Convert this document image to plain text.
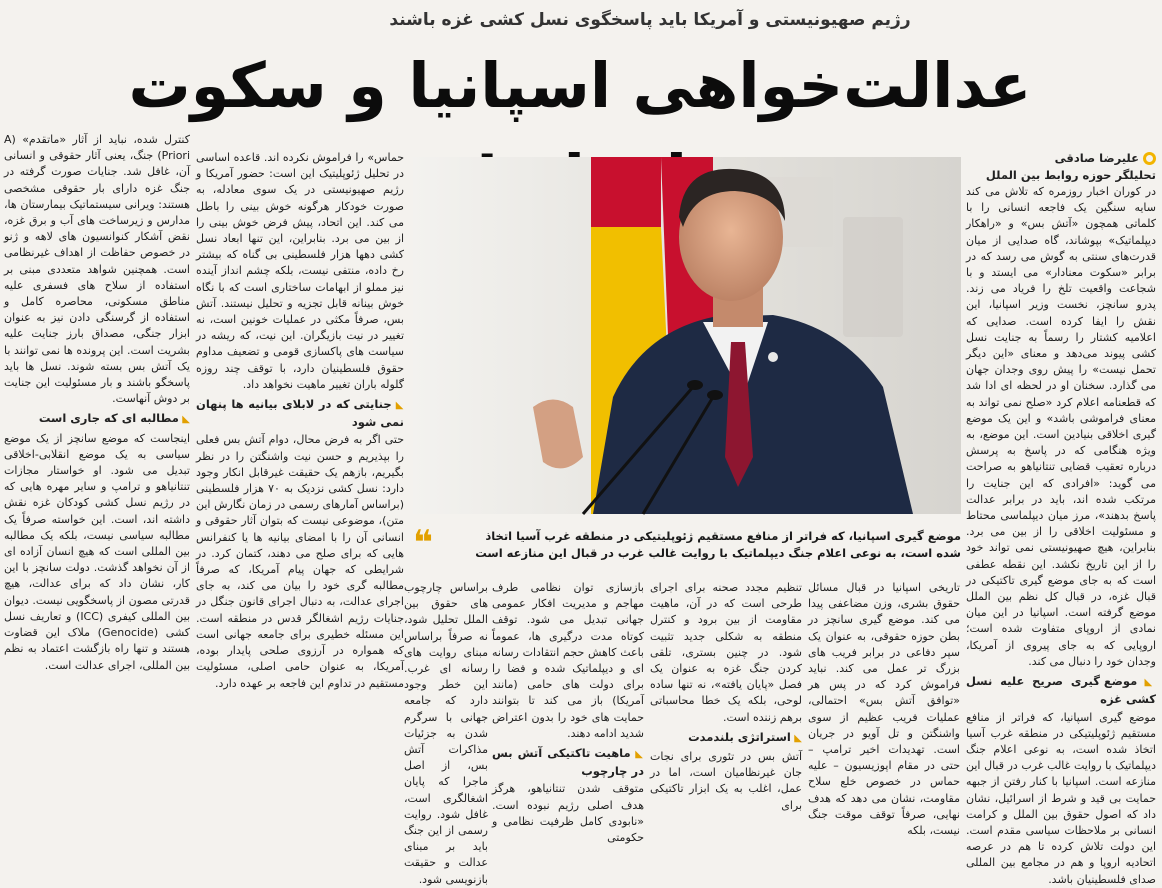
رژیم صهیونیستی و آمریکا باید پاسخگوی نسل کشی غزه باشند
عدالت‌خواهی اسپانیا و سکوت
علیرضا صادقی
تحلیلگر حوزه روابط بین الملل

در کوران اخبار روزمره که تلاش می کند سایه سنگین یک فاجعه انسانی را با کلماتی همچون «آتش بس» و «راهکار دیپلماتیک» بپوشاند، گاه صدایی از میان قدرت‌های سنتی به گوش می رسد که در برابر «سکوت معنادار» می ایستد و با شجاعت واقعیت تلخ را فریاد می زند. پدرو سانچز، نخست وزیر اسپانیا، این نقش را ایفا کرده است. صدایی که اعلامیه کشتار را رسماً به جنایت نسل کشی پیوند می‌دهد و معنای «این دیگر تحمل نیست» را پیش روی وجدان جهان می گذارد. سخنان او در لحظه ای ادا شد که قطعنامه اعلام کرد «صلح نمی تواند به معنای فراموشی باشد» و این یک موضع گیری اخلاقی بنیادین است. این موضع، به ویژه هنگامی که در پاسخ به پرسش درباره تعقیب قضایی تنتانیاهو به صراحت می گوید: «افرادی که این جنایت را مرتکب شده اند، باید در برابر عدالت پاسخ بدهند»، مرز میان دیپلماسی محتاط و مسئولیت اخلاقی را از بین می برد. بنابراین، هیچ صهیونیستی نمی تواند خود را از این تاریخ نکشد. این نقطه عطفی است که به جای موضع گیری تاکتیکی در قبال غزه، در قبال کل نظم بین الملل موضع گرفته است. اسپانیا در این میان نمادی از اروپای متفاوت شده است؛ اروپایی که به جای پیروی از آمریکا، وجدان خود را دنبال می کند.

◣ موضع گیری صریح علیه نسل کشی غزه

موضع گیری اسپانیا، که فراتر از منافع مستقیم ژئوپلیتیکی در منطقه غرب آسیا اتخاذ شده است، به نوعی اعلام جنگ دیپلماتیک با روایت غالب غرب در قبال این منازعه است. اسپانیا با کنار رفتن از جبهه حمایت بی قید و شرط از اسرائیل، نشان داد که اصول حقوق بین الملل و کرامت انسانی بر ملاحظات سیاسی مقدم است. این دولت تلاش کرده تا هم در عرصه اتحادیه اروپا و هم در مجامع بین المللی صدای فلسطینیان باشد.

حماس» را فراموش نکرده اند. قاعده اساسی در تحلیل ژئوپلیتیک این است: حضور آمریکا و رژیم صهیونیستی در یک سوی معادله، به صورت خودکار هرگونه خوش بینی را باطل می کند. این اتحاد، پیش فرض خوش بینی را از بین می برد. بنابراین، این تنها ابعاد نسل کشی دهها هزار فلسطینی بی گناه که بیشتر رخ داده، منتفی نیست، بلکه چشم انداز آینده نیز مملو از ابهامات ساختاری است که با نگاه خوش بینانه قابل تجزیه و تحلیل نیستند. آتش بس، صرفاً مکثی در عملیات خونین است، نه تغییر در نیت بازیگران. این نیت، که ریشه در سیاست های پاکسازی قومی و تضعیف مداوم حقوق فلسطینیان دارد، با توقف چند روزه گلوله باران تغییر ماهیت نخواهد داد.

◣ جنایتی که در لابلای بیانیه ها پنهان نمی شود

حتی اگر به فرض محال، دوام آتش بس فعلی را بپذیریم و حسن نیت واشنگتن را در نظر بگیریم، بازهم یک حقیقت غیرقابل انکار وجود دارد: نسل کشی نزدیک به ۷۰ هزار فلسطینی (براساس آمارهای رسمی در زمان نگارش این متن)، موضوعی نیست که بتوان آثار حقوقی و انسانی آن را با امضای بیانیه ها یا کنفرانس هایی که برای صلح می دهند، کتمان کرد. در شرایطی که جهان پیام آمریکا، که صرفاً مطالبه گری خود را بیان می کند، به جای اجرای عدالت، به دنبال اجرای قانون جنگل در جنایات رژیم اشغالگر قدس در منطقه است. این مسئله خطیری برای جامعه جهانی است که همواره در آرزوی صلحی پایدار بوده، آمریکا، به عنوان حامی اصلی، مسئولیت مستقیم در تداوم این فاجعه بر عهده دارد.

کنترل شده، نباید از آثار «ماتقدم» (A Priori) جنگ، یعنی آثار حقوقی و انسانی آن، غافل شد. جنایات صورت گرفته در جنگ غزه دارای بار حقوقی مشخصی هستند: ویرانی سیستماتیک بیمارستان ها، مدارس و زیرساخت های آب و برق غزه، نقض آشکار کنوانسیون های لاهه و ژنو در خصوص حفاظت از اهداف غیرنظامی است. همچنین شواهد متعددی مبنی بر استفاده از سلاح های فسفری علیه مناطق مسکونی، محاصره کامل و استفاده از گرسنگی دادن نیز به عنوان ابزار جنگی، مصداق بارز جنایت علیه بشریت است. این پرونده ها نمی توانند با یک آتش بس بسته شوند. نسل ها باید پاسخگو باشند و بار مسئولیت این جنایت بر دوش آنهاست.

◣ مطالبه ای که جاری است

اینجاست که موضع سانچز از یک موضع سیاسی به یک موضع انقلابی-اخلاقی تبدیل می شود. او خواستار مجازات تنتانیاهو و ترامپ و سایر مهره هایی که در رژیم نسل کشی کودکان غزه نقش داشته اند، است. این خواسته صرفاً یک مطالبه سیاسی نیست، بلکه یک مطالبه بین المللی است که هیچ انسان آزاده ای از آن نخواهد گذشت. دولت سانچز با این کار، نشان داد که برای عدالت، هیچ قدرتی مصون از پاسخگویی نیست. دیوان بین المللی کیفری (ICC) و تعاریف نسل کشی (Genocide) ملاک این قضاوت هستند و تنها راه بازگشت اعتماد به نظم بین المللی، اجرای عدالت است.

❝	موضع گیری اسپانیا، که فراتر از منافع مستقیم ژئوپلیتیکی در منطقه غرب آسیا اتخاذ شده است، به نوعی اعلام جنگ دیپلماتیک با روایت غالب غرب در قبال این منازعه است

تاریخی اسپانیا در قبال مسائل حقوق بشری، وزن مضاعفی پیدا می کند. موضع گیری سانچز در بطن حوزه حقوقی، به عنوان یک سپر دفاعی در برابر فریب های بزرگ تر عمل می کند. نباید فراموش کرد که در پس هر «توافق آتش بس» احتمالی، عملیات فریب عظیم از سوی واشنگتن و تل آویو در جریان است. تهدیدات اخیر ترامپ – حتی در مقام اپوزیسیون – علیه حماس در خصوص خلع سلاح مقاومت، نشان می دهد که هدف نهایی، صرفاً توقف موقت جنگ نیست، بلکه

تنظیم مجدد صحنه برای اجرای طرحی است که در آن، ماهیت مقاومت از بین برود و کنترل منطقه به شکلی جدید تثبیت شود. در چنین بستری، تلقی کردن جنگ غزه به عنوان یک فصل «پایان یافته»، نه تنها ساده لوحی، بلکه یک خطا محاسباتی برهم زننده است.

◣ استراتژی بلندمدت

آتش بس در تئوری برای نجات جان غیرنظامیان است، اما در عمل، اغلب به یک ابزار تاکتیکی برای

بازسازی توان نظامی طرف مهاجم و مدیریت افکار عمومی جهانی تبدیل می شود. توقف کوتاه مدت درگیری ها، عموماً باعث کاهش حجم انتقادات رسانه ای و دیپلماتیک شده و فضا را برای دولت های حامی (مانند آمریکا) باز می کند تا بتوانند حمایت های خود را بدون اعتراض شدید ادامه دهند.

◣ ماهیت تاکتیکی آتش بس در چارچوب

متوقف شدن تنتانیاهو، هرگز هدف اصلی رژیم نبوده است. «نابودی کامل ظرفیت نظامی و حکومتی

براساس چارچوب های حقوق بین الملل تحلیل شود، نه صرفاً براساس مبنای روایت های رسانه ای غرب. این خطر وجود دارد که جامعه جهانی با سرگرم شدن به جزئیات مذاکرات آتش بس، از اصل ماجرا که پایان اشغالگری است، غافل شود. روایت رسمی از این جنگ باید بر مبنای عدالت و حقیقت بازنویسی شود.
